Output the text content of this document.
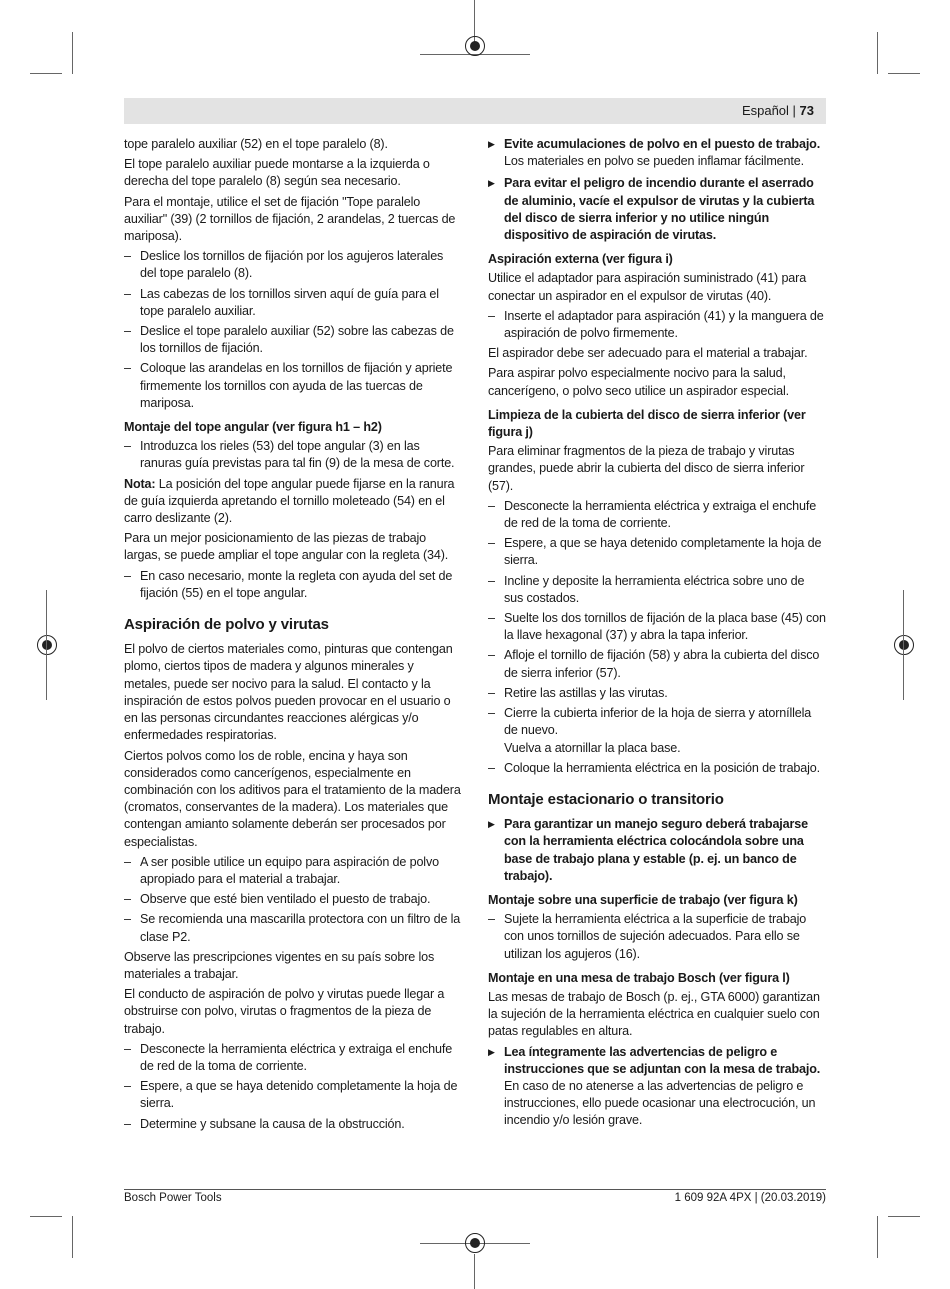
Español | 73

tope paralelo auxiliar (52) en el tope paralelo (8).

El tope paralelo auxiliar puede montarse a la izquierda o derecha del tope paralelo (8) según sea necesario.

Para el montaje, utilice el set de fijación "Tope paralelo auxiliar" (39) (2 tornillos de fijación, 2 arandelas, 2 tuercas de mariposa).

– Deslice los tornillos de fijación por los agujeros laterales del tope paralelo (8).
– Las cabezas de los tornillos sirven aquí de guía para el tope paralelo auxiliar.
– Deslice el tope paralelo auxiliar (52) sobre las cabezas de los tornillos de fijación.
– Coloque las arandelas en los tornillos de fijación y apriete firmemente los tornillos con ayuda de las tuercas de mariposa.
Montaje del tope angular (ver figura h1 – h2)
– Introduzca los rieles (53) del tope angular (3) en las ranuras guía previstas para tal fin (9) de la mesa de corte.

Nota: La posición del tope angular puede fijarse en la ranura de guía izquierda apretando el tornillo moleteado (54) en el carro deslizante (2).

Para un mejor posicionamiento de las piezas de trabajo largas, se puede ampliar el tope angular con la regleta (34).

– En caso necesario, monte la regleta con ayuda del set de fijación (55) en el tope angular.
Aspiración de polvo y virutas

El polvo de ciertos materiales como, pinturas que contengan plomo, ciertos tipos de madera y algunos minerales y metales, puede ser nocivo para la salud. El contacto y la inspiración de estos polvos pueden provocar en el usuario o en las personas circundantes reacciones alérgicas y/o enfermedades respiratorias.

Ciertos polvos como los de roble, encina y haya son considerados como cancerígenos, especialmente en combinación con los aditivos para el tratamiento de la madera (cromatos, conservantes de la madera). Los materiales que contengan amianto solamente deberán ser procesados por especialistas.

– A ser posible utilice un equipo para aspiración de polvo apropiado para el material a trabajar.
– Observe que esté bien ventilado el puesto de trabajo.
– Se recomienda una mascarilla protectora con un filtro de la clase P2.

Observe las prescripciones vigentes en su país sobre los materiales a trabajar.

El conducto de aspiración de polvo y virutas puede llegar a obstruirse con polvo, virutas o fragmentos de la pieza de trabajo.

– Desconecte la herramienta eléctrica y extraiga el enchufe de red de la toma de corriente.
– Espere, a que se haya detenido completamente la hoja de sierra.
– Determine y subsane la causa de la obstrucción.
▶ Evite acumulaciones de polvo en el puesto de trabajo. Los materiales en polvo se pueden inflamar fácilmente.
▶ Para evitar el peligro de incendio durante el aserrado de aluminio, vacíe el expulsor de virutas y la cubierta del disco de sierra inferior y no utilice ningún dispositivo de aspiración de virutas.
Aspiración externa (ver figura i)

Utilice el adaptador para aspiración suministrado (41) para conectar un aspirador en el expulsor de virutas (40).

– Inserte el adaptador para aspiración (41) y la manguera de aspiración de polvo firmemente.

El aspirador debe ser adecuado para el material a trabajar.

Para aspirar polvo especialmente nocivo para la salud, cancerígeno, o polvo seco utilice un aspirador especial.

Limpieza de la cubierta del disco de sierra inferior (ver figura j)

Para eliminar fragmentos de la pieza de trabajo y virutas grandes, puede abrir la cubierta del disco de sierra inferior (57).

– Desconecte la herramienta eléctrica y extraiga el enchufe de red de la toma de corriente.
– Espere, a que se haya detenido completamente la hoja de sierra.
– Incline y deposite la herramienta eléctrica sobre uno de sus costados.
– Suelte los dos tornillos de fijación de la placa base (45) con la llave hexagonal (37) y abra la tapa inferior.
– Afloje el tornillo de fijación (58) y abra la cubierta del disco de sierra inferior (57).
– Retire las astillas y las virutas.
– Cierre la cubierta inferior de la hoja de sierra y atorníllela de nuevo.
Vuelva a atornillar la placa base.
– Coloque la herramienta eléctrica en la posición de trabajo.
Montaje estacionario o transitorio
▶ Para garantizar un manejo seguro deberá trabajarse con la herramienta eléctrica colocándola sobre una base de trabajo plana y estable (p. ej. un banco de trabajo).
Montaje sobre una superficie de trabajo (ver figura k)
– Sujete la herramienta eléctrica a la superficie de trabajo con unos tornillos de sujeción adecuados. Para ello se utilizan los agujeros (16).
Montaje en una mesa de trabajo Bosch (ver figura l)

Las mesas de trabajo de Bosch (p. ej., GTA 6000) garantizan la sujeción de la herramienta eléctrica en cualquier suelo con patas regulables en altura.

▶ Lea íntegramente las advertencias de peligro e instrucciones que se adjuntan con la mesa de trabajo. En caso de no atenerse a las advertencias de peligro e instrucciones, ello puede ocasionar una electrocución, un incendio y/o lesión grave.
Bosch Power Tools	1 609 92A 4PX | (20.03.2019)
